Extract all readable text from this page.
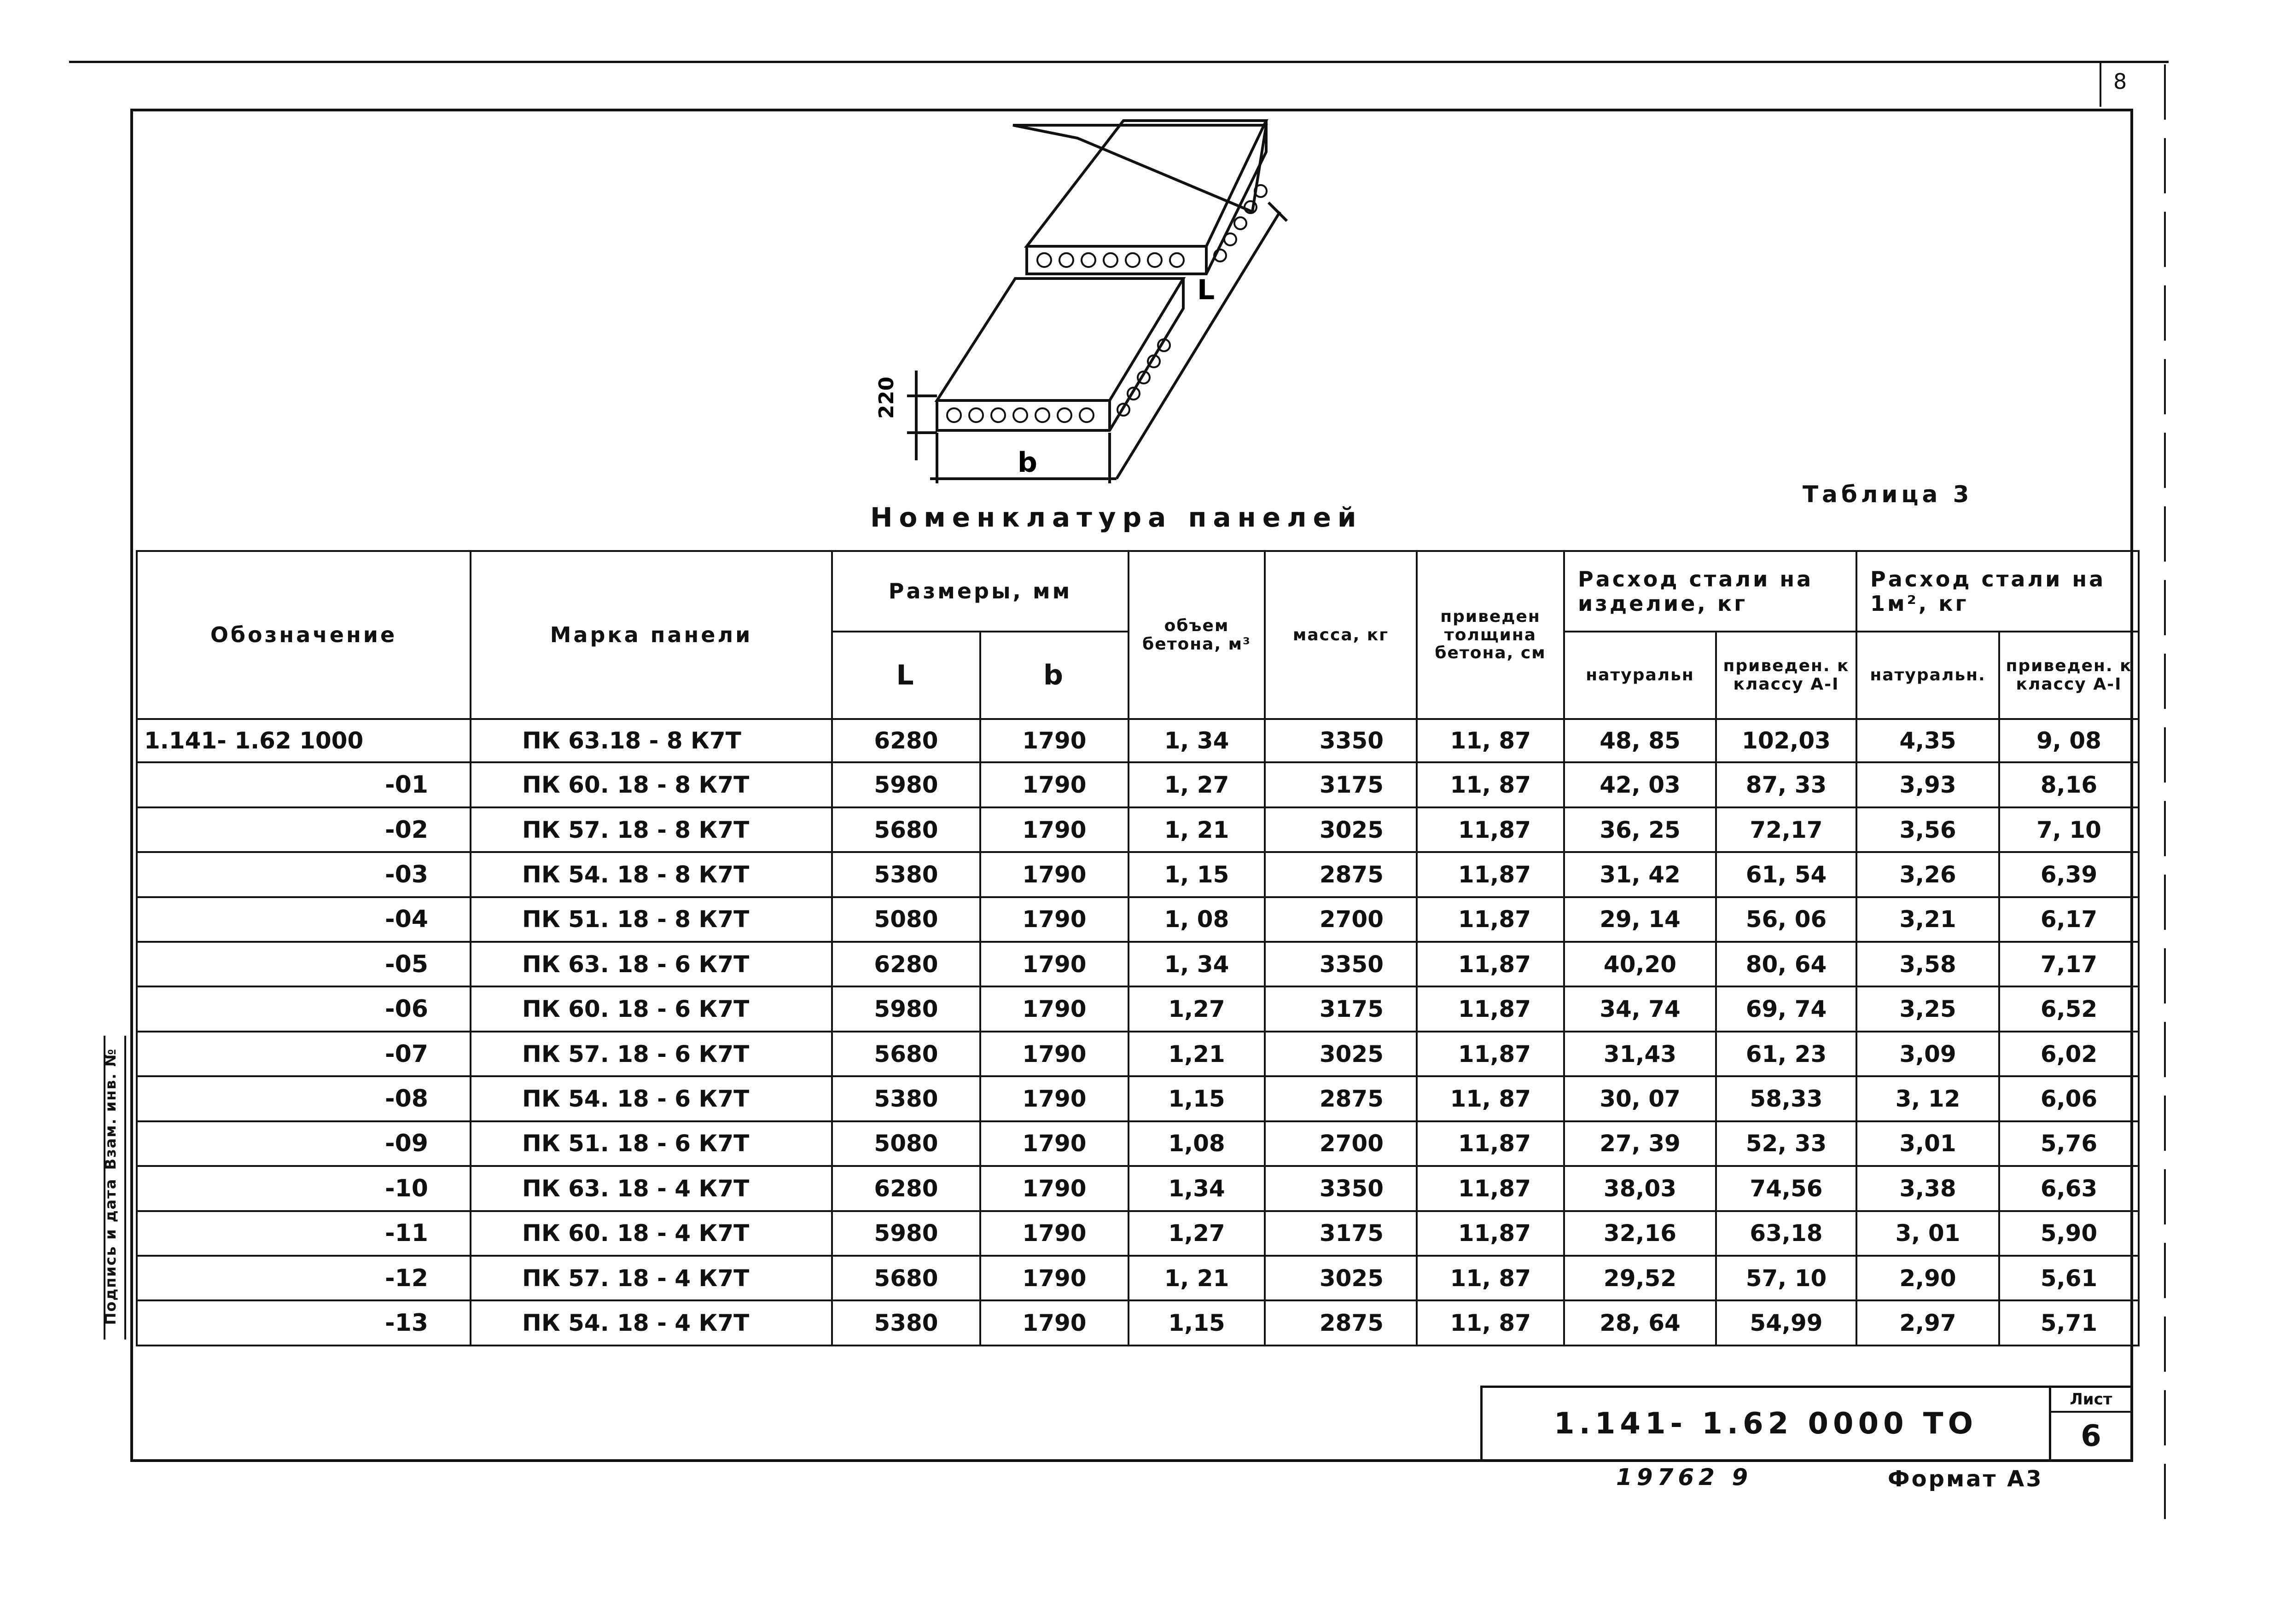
8
220
L
b
Номенклатура панелей
Таблица 3
Обозначение	Марка панели	Размеры, мм		объем бетона, м³	масса, кг	приведен толщина бетона, см	Расход стали на изделие, кг		Расход стали на 1м², кг	
		L	b				натуральн	приведен. к классу А-I	натуральн.	приведен. к классу А-I
1.141- 1.62 1000	ПК 63.18 - 8 К7Т	6280	1790	1, 34	3350	11, 87	48, 85	102,03	4,35	9, 08
-01	ПК 60. 18 - 8 К7Т	5980	1790	1, 27	3175	11, 87	42, 03	87, 33	3,93	8,16
-02	ПК 57. 18 - 8 К7Т	5680	1790	1, 21	3025	11,87	36, 25	72,17	3,56	7, 10
-03	ПК 54. 18 - 8 К7Т	5380	1790	1, 15	2875	11,87	31, 42	61, 54	3,26	6,39
-04	ПК 51. 18 - 8 К7Т	5080	1790	1, 08	2700	11,87	29, 14	56, 06	3,21	6,17
-05	ПК 63. 18 - 6 К7Т	6280	1790	1, 34	3350	11,87	40,20	80, 64	3,58	7,17
-06	ПК 60. 18 - 6 К7Т	5980	1790	1,27	3175	11,87	34, 74	69, 74	3,25	6,52
-07	ПК 57. 18 - 6 К7Т	5680	1790	1,21	3025	11,87	31,43	61, 23	3,09	6,02
-08	ПК 54. 18 - 6 К7Т	5380	1790	1,15	2875	11, 87	30, 07	58,33	3, 12	6,06
-09	ПК 51. 18 - 6 К7Т	5080	1790	1,08	2700	11,87	27, 39	52, 33	3,01	5,76
-10	ПК 63. 18 - 4 К7Т	6280	1790	1,34	3350	11,87	38,03	74,56	3,38	6,63
-11	ПК 60. 18 - 4 К7Т	5980	1790	1,27	3175	11,87	32,16	63,18	3, 01	5,90
-12	ПК 57. 18 - 4 К7Т	5680	1790	1, 21	3025	11, 87	29,52	57, 10	2,90	5,61
-13	ПК 54. 18 - 4 К7Т	5380	1790	1,15	2875	11, 87	28, 64	54,99	2,97	5,71
Взам. инв. №
Подпись и дата
1.141- 1.62 0000 ТО
Лист
6
19762 9	Формат А3
